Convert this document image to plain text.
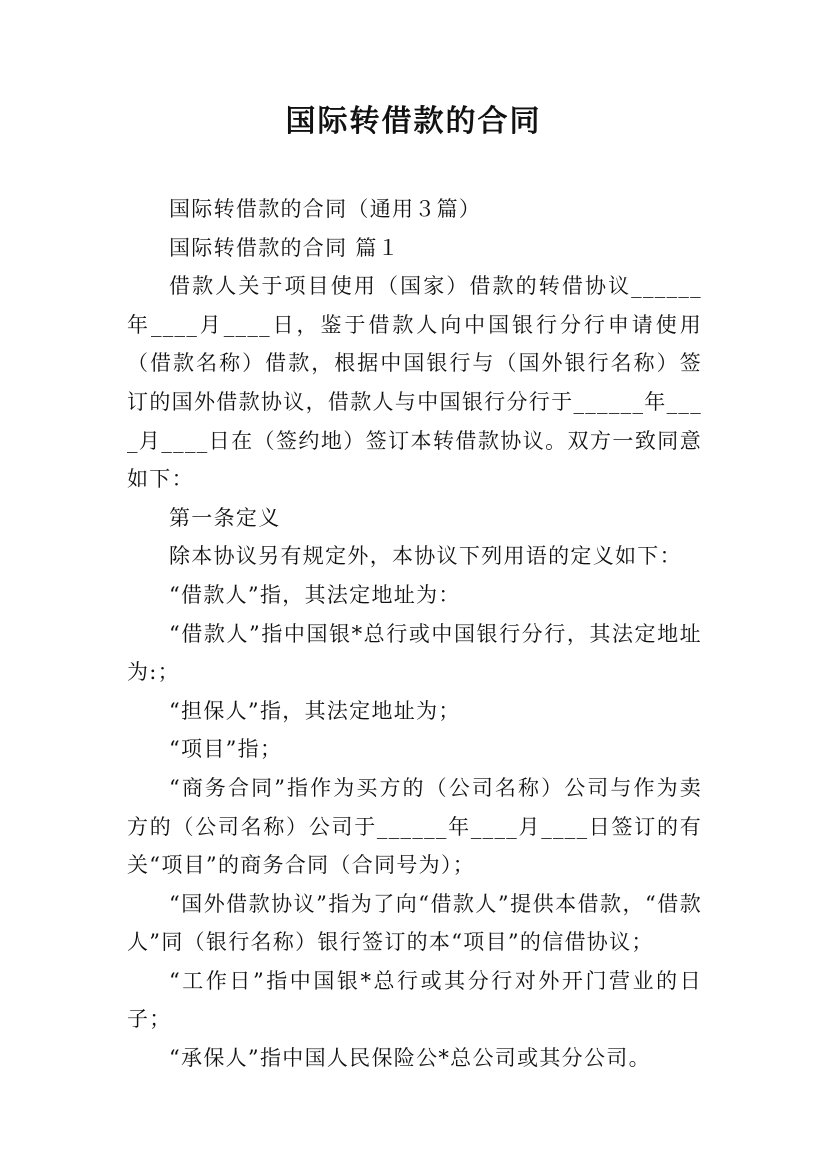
国际转借款的合同

国际转借款的合同（通用３篇）

国际转借款的合同 篇１

借款人关于项目使用（国家）借款的转借协议______年____月____日，鉴于借款人向中国银行分行申请使用（借款名称）借款，根据中国银行与（国外银行名称）签订的国外借款协议，借款人与中国银行分行于______年____月____日在（签约地）签订本转借款协议。双方一致同意如下：

第一条定义

除本协议另有规定外，本协议下列用语的定义如下：

“借款人”指，其法定地址为：

“借款人”指中国银*总行或中国银行分行，其法定地址为:；

“担保人”指，其法定地址为；

“项目”指；

“商务合同”指作为买方的（公司名称）公司与作为卖方的（公司名称）公司于______年____月____日签订的有关“项目”的商务合同（合同号为）；

“国外借款协议”指为了向“借款人”提供本借款，“借款人”同（银行名称）银行签订的本“项目”的信借协议；

“工作日”指中国银*总行或其分行对外开门营业的日子；

“承保人”指中国人民保险公*总公司或其分公司。
